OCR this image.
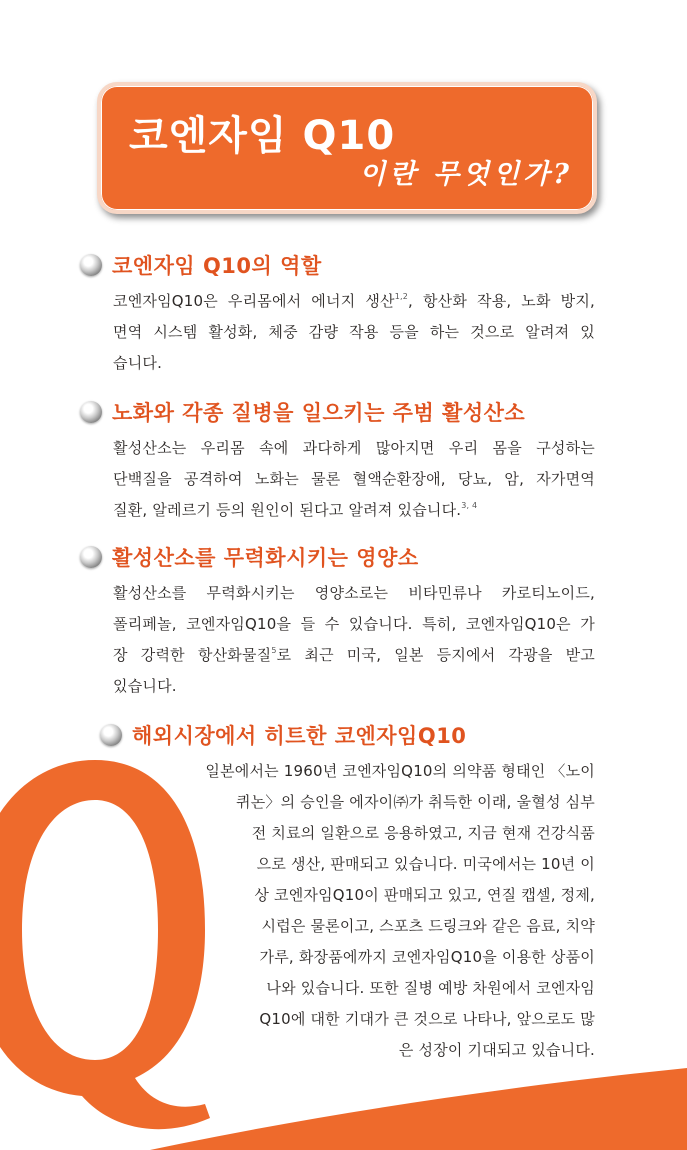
코엔자임 Q10
이란 무엇인가?
코엔자임 Q10의 역할
코엔자임Q10은 우리몸에서 에너지 생산$^{1,2}$, 항산화 작용, 노화 방지,
면역 시스템 활성화, 체중 감량 작용 등을 하는 것으로 알려져 있
습니다.
노화와 각종 질병을 일으키는 주범 활성산소
활성산소는 우리몸 속에 과다하게 많아지면 우리 몸을 구성하는
단백질을 공격하여 노화는 물론 혈액순환장애, 당뇨, 암, 자가면역
질환, 알레르기 등의 원인이 된다고 알려져 있습니다.$^{3, 4}$
활성산소를 무력화시키는 영양소
활성산소를 무력화시키는 영양소로는 비타민류나 카로티노이드,
폴리페놀, 코엔자임Q10을 들 수 있습니다. 특히, 코엔자임Q10은 가
장 강력한 항산화물질$^5$로 최근 미국, 일본 등지에서 각광을 받고
있습니다.
해외시장에서 히트한 코엔자임Q10
일본에서는 1960년 코엔자임Q10의 의약품 형태인 〈노이
퀴논〉의 승인을 에자이㈜가 취득한 이래, 울혈성 심부
전 치료의 일환으로 응용하였고, 지금 현재 건강식품
으로 생산, 판매되고 있습니다. 미국에서는 10년 이
상 코엔자임Q10이 판매되고 있고, 연질 캡셀, 정제,
시럽은 물론이고, 스포츠 드링크와 같은 음료, 치약
가루, 화장품에까지 코엔자임Q10을 이용한 상품이
나와 있습니다. 또한 질병 예방 차원에서 코엔자임
Q10에 대한 기대가 큰 것으로 나타나, 앞으로도 많
은 성장이 기대되고 있습니다.
